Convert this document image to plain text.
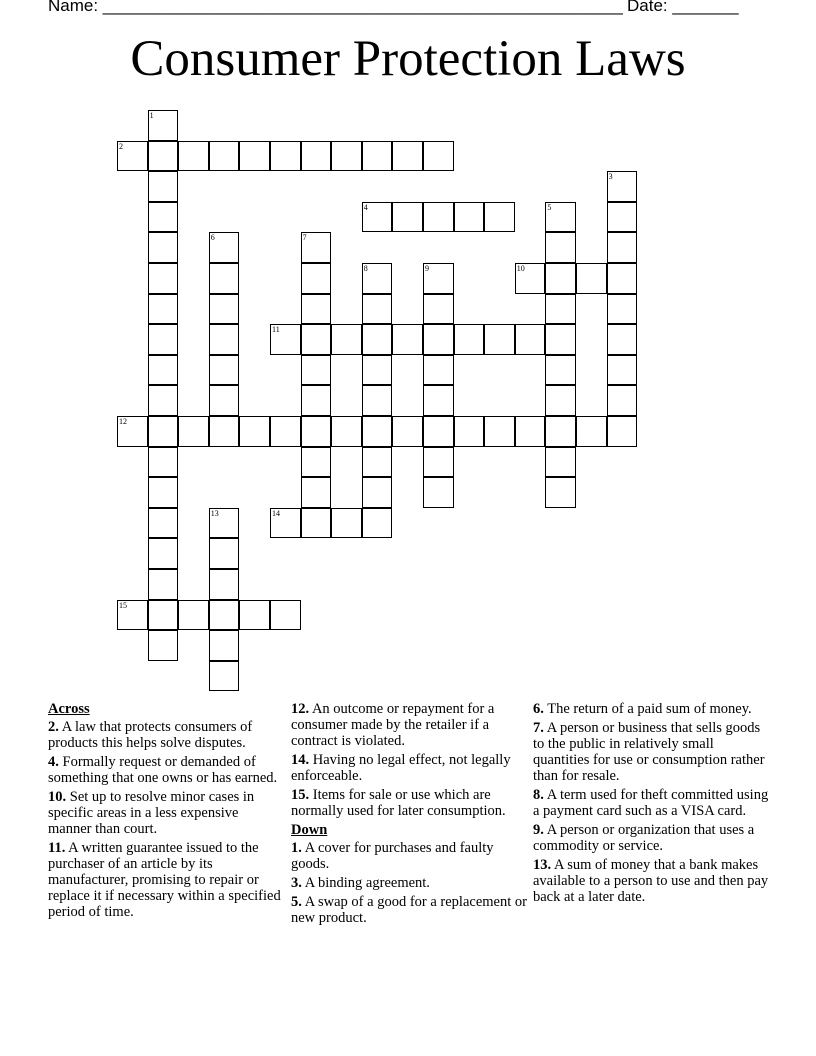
Name: _______________________________________________________ Date: _______
Consumer Protection Laws
1
2
3
4	5
6	7
8	9	10
11
12
13	14
15
Across
2. A law that protects consumers of products this helps solve disputes.
4. Formally request or demanded of something that one owns or has earned.
10. Set up to resolve minor cases in specific areas in a less expensive manner than court.
11. A written guarantee issued to the purchaser of an article by its manufacturer, promising to repair or replace it if necessary within a specified period of time.
12. An outcome or repayment for a consumer made by the retailer if a contract is violated.
14. Having no legal effect, not legally enforceable.
15. Items for sale or use which are normally used for later consumption.
Down
1. A cover for purchases and faulty goods.
3. A binding agreement.
5. A swap of a good for a replacement or new product.
6. The return of a paid sum of money.
7. A person or business that sells goods to the public in relatively small quantities for use or consumption rather than for resale.
8. A term used for theft committed using a payment card such as a VISA card.
9. A person or organization that uses a commodity or service.
13. A sum of money that a bank makes available to a person to use and then pay back at a later date.
